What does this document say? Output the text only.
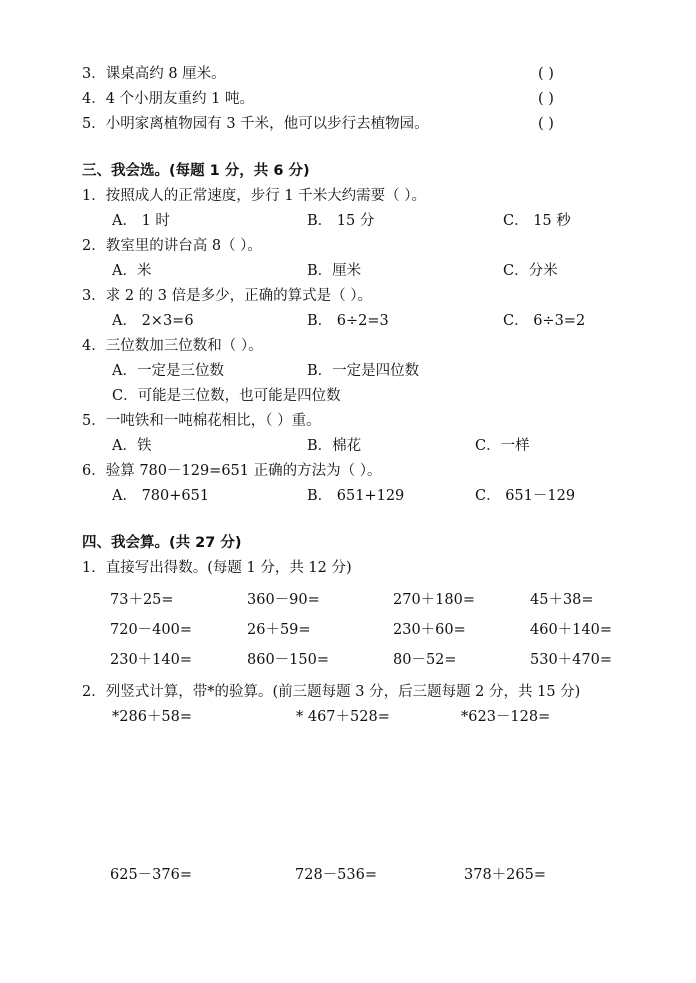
3．课桌高约 8 厘米。	( )
4．4 个小朋友重约 1 吨。	( )
5．小明家离植物园有 3 千米，他可以步行去植物园。	( )
三、我会选。(每题 1 分，共 6 分)
1．按照成人的正常速度，步行 1 千米大约需要（ ）。
A． 1 时	B． 15 分	C． 15 秒
2．教室里的讲台高 8（ ）。
A．米	B．厘米	C．分米
3．求 2 的 3 倍是多少，正确的算式是（ ）。
A． 2×3=6	B． 6÷2=3	C． 6÷3=2
4．三位数加三位数和（ ）。
A．一定是三位数	B．一定是四位数
C．可能是三位数，也可能是四位数
5．一吨铁和一吨棉花相比，（ ）重。
A．铁	B．棉花	C．一样
6．验算 780－129=651 正确的方法为（ ）。
A． 780+651	B． 651+129	C． 651－129
四、我会算。(共 27 分)
1．直接写出得数。(每题 1 分，共 12 分)
73＋25=	360－90=	270＋180=	45＋38=
720－400=	26＋59=	230＋60=	460＋140=
230＋140=	860－150=	80－52=	530＋470=
2．列竖式计算，带*的验算。(前三题每题 3 分，后三题每题 2 分，共 15 分)
*286＋58=	* 467＋528=	*623－128=
625－376=	728－536=	378＋265=
